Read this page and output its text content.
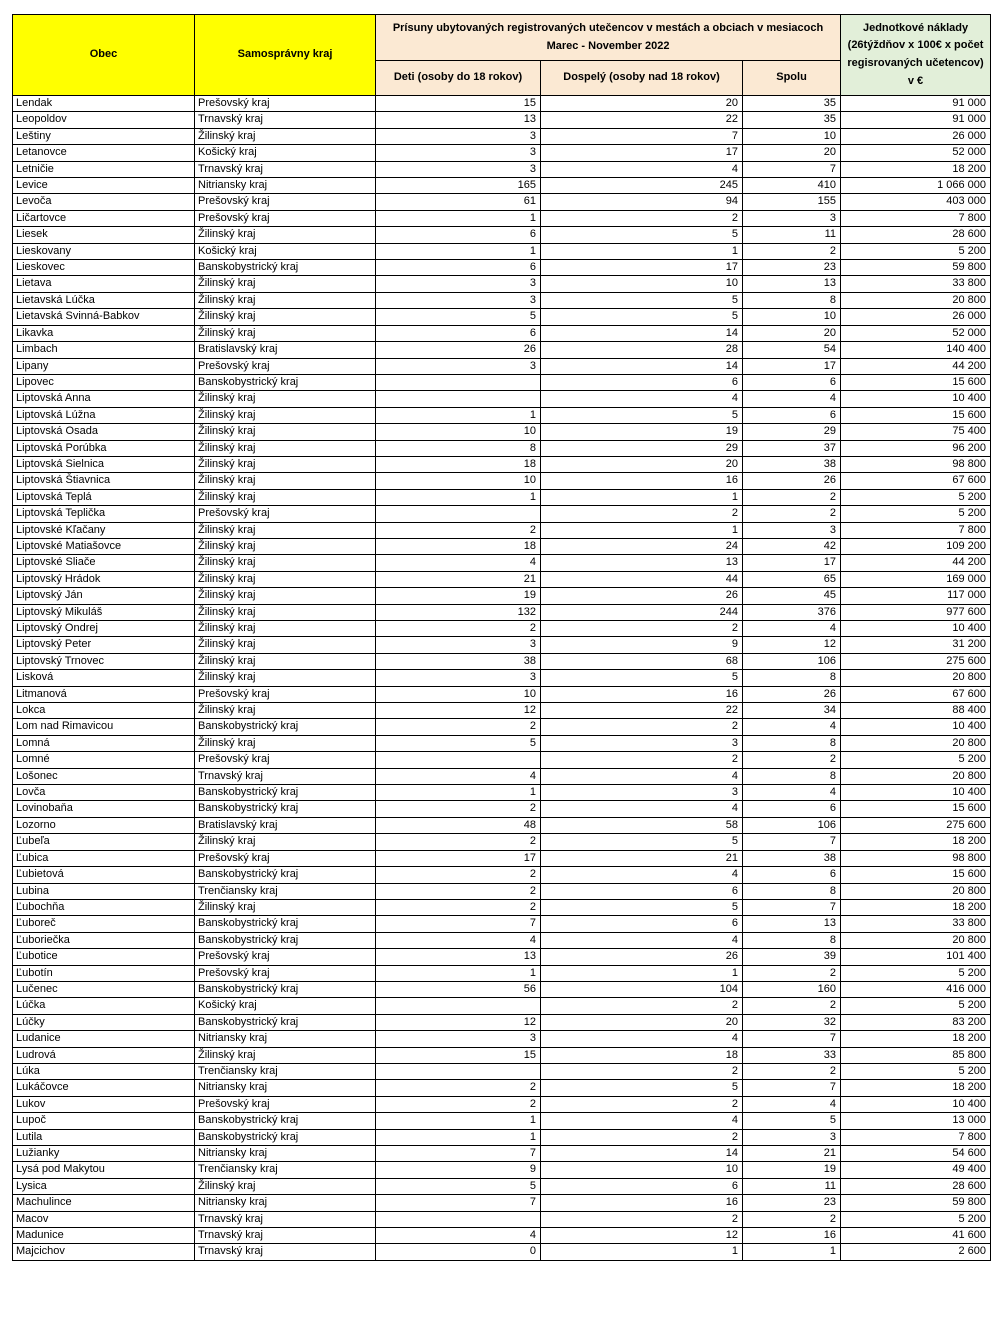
Obec	Samosprávny kraj	Prísuny ubytovaných registrovaných utečencov v mestách a obciach v mesiacoch Marec - November 2022			Jednotkové náklady (26týždňov x 100€ x počet regisrovaných učetencov) v €
		Deti (osoby do 18 rokov)	Dospelý (osoby nad 18 rokov)	Spolu	
Lendak	Prešovský kraj	15	20	35	91 000
Leopoldov	Trnavský kraj	13	22	35	91 000
Leštiny	Žilinský kraj	3	7	10	26 000
Letanovce	Košický kraj	3	17	20	52 000
Letničie	Trnavský kraj	3	4	7	18 200
Levice	Nitriansky kraj	165	245	410	1 066 000
Levoča	Prešovský kraj	61	94	155	403 000
Ličartovce	Prešovský kraj	1	2	3	7 800
Liesek	Žilinský kraj	6	5	11	28 600
Lieskovany	Košický kraj	1	1	2	5 200
Lieskovec	Banskobystrický kraj	6	17	23	59 800
Lietava	Žilinský kraj	3	10	13	33 800
Lietavská Lúčka	Žilinský kraj	3	5	8	20 800
Lietavská Svinná-Babkov	Žilinský kraj	5	5	10	26 000
Likavka	Žilinský kraj	6	14	20	52 000
Limbach	Bratislavský kraj	26	28	54	140 400
Lipany	Prešovský kraj	3	14	17	44 200
Lipovec	Banskobystrický kraj		6	6	15 600
Liptovská Anna	Žilinský kraj		4	4	10 400
Liptovská Lúžna	Žilinský kraj	1	5	6	15 600
Liptovská Osada	Žilinský kraj	10	19	29	75 400
Liptovská Porúbka	Žilinský kraj	8	29	37	96 200
Liptovská Sielnica	Žilinský kraj	18	20	38	98 800
Liptovská Štiavnica	Žilinský kraj	10	16	26	67 600
Liptovská Teplá	Žilinský kraj	1	1	2	5 200
Liptovská Teplička	Prešovský kraj		2	2	5 200
Liptovské Kľačany	Žilinský kraj	2	1	3	7 800
Liptovské Matiašovce	Žilinský kraj	18	24	42	109 200
Liptovské Sliače	Žilinský kraj	4	13	17	44 200
Liptovský Hrádok	Žilinský kraj	21	44	65	169 000
Liptovský Ján	Žilinský kraj	19	26	45	117 000
Liptovský Mikuláš	Žilinský kraj	132	244	376	977 600
Liptovský Ondrej	Žilinský kraj	2	2	4	10 400
Liptovský Peter	Žilinský kraj	3	9	12	31 200
Liptovský Trnovec	Žilinský kraj	38	68	106	275 600
Lisková	Žilinský kraj	3	5	8	20 800
Litmanová	Prešovský kraj	10	16	26	67 600
Lokca	Žilinský kraj	12	22	34	88 400
Lom nad Rimavicou	Banskobystrický kraj	2	2	4	10 400
Lomná	Žilinský kraj	5	3	8	20 800
Lomné	Prešovský kraj		2	2	5 200
Lošonec	Trnavský kraj	4	4	8	20 800
Lovča	Banskobystrický kraj	1	3	4	10 400
Lovinobaňa	Banskobystrický kraj	2	4	6	15 600
Lozorno	Bratislavský kraj	48	58	106	275 600
Ľubeľa	Žilinský kraj	2	5	7	18 200
Ľubica	Prešovský kraj	17	21	38	98 800
Ľubietová	Banskobystrický kraj	2	4	6	15 600
Lubina	Trenčiansky kraj	2	6	8	20 800
Ľubochňa	Žilinský kraj	2	5	7	18 200
Ľuboreč	Banskobystrický kraj	7	6	13	33 800
Ľuboriečka	Banskobystrický kraj	4	4	8	20 800
Ľubotice	Prešovský kraj	13	26	39	101 400
Ľubotín	Prešovský kraj	1	1	2	5 200
Lučenec	Banskobystrický kraj	56	104	160	416 000
Lúčka	Košický kraj		2	2	5 200
Lúčky	Banskobystrický kraj	12	20	32	83 200
Ludanice	Nitriansky kraj	3	4	7	18 200
Ludrová	Žilinský kraj	15	18	33	85 800
Lúka	Trenčiansky kraj		2	2	5 200
Lukáčovce	Nitriansky kraj	2	5	7	18 200
Lukov	Prešovský kraj	2	2	4	10 400
Lupoč	Banskobystrický kraj	1	4	5	13 000
Lutila	Banskobystrický kraj	1	2	3	7 800
Lužianky	Nitriansky kraj	7	14	21	54 600
Lysá pod Makytou	Trenčiansky kraj	9	10	19	49 400
Lysica	Žilinský kraj	5	6	11	28 600
Machulince	Nitriansky kraj	7	16	23	59 800
Macov	Trnavský kraj		2	2	5 200
Madunice	Trnavský kraj	4	12	16	41 600
Majcichov	Trnavský kraj	0	1	1	2 600
